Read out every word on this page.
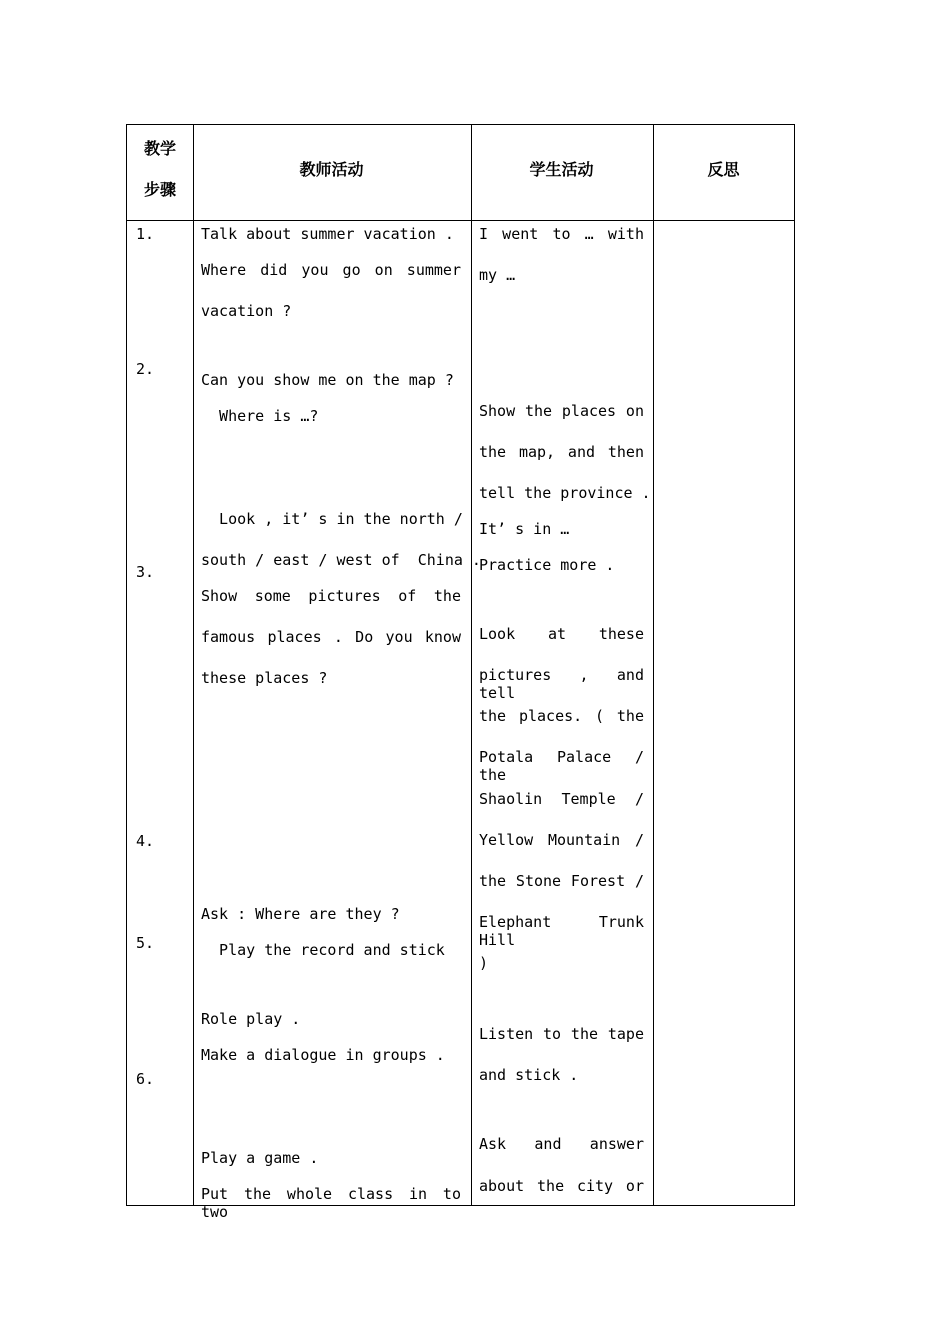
教学
步骤
教师活动	学生活动	反思
1.
2.
3.
4.
5.
6.
Talk about summer vacation .
Where did you go on summer
vacation ?
Can you show me on the map ?
Where is …?
Look , it’ s in the north /
south / east / west of  China .
Show some pictures of the
famous places . Do you know
these places ?
Ask : Where are they ?
Play the record and stick
Role play .
Make a dialogue in groups .
Play a game .
Put the whole class in to two
I went to … with
my …
Show the places on
the map, and then
tell the province .
It’ s in …
Practice more .
Look at these
pictures , and tell
the places. ( the
Potala Palace / the
Shaolin Temple /
Yellow Mountain /
the Stone Forest /
Elephant Trunk Hill
)
Listen to the tape
and stick .
Ask and answer
about the city or
